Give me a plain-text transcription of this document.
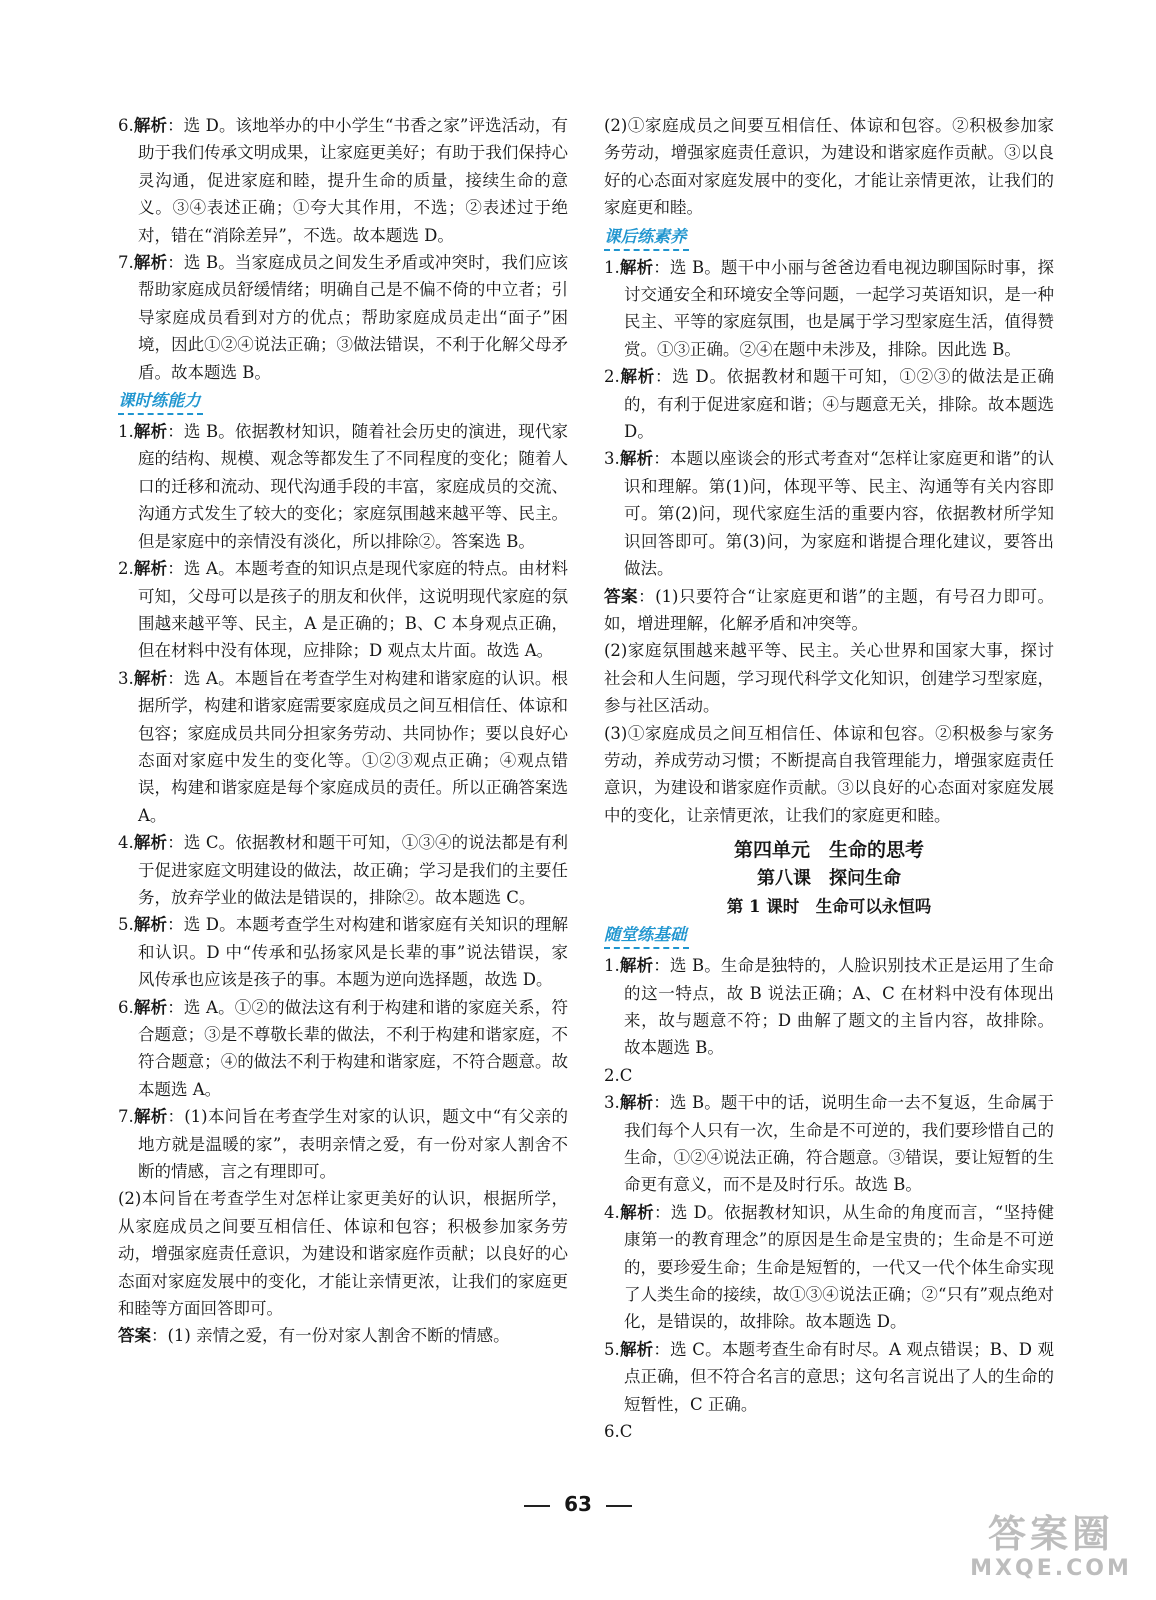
6.解析：选 D。该地举办的中小学生“书香之家”评选活动，有助于我们传承文明成果，让家庭更美好；有助于我们保持心灵沟通，促进家庭和睦，提升生命的质量，接续生命的意义。③④表述正确；①夸大其作用，不选；②表述过于绝对，错在“消除差异”，不选。故本题选 D。

7.解析：选 B。当家庭成员之间发生矛盾或冲突时，我们应该帮助家庭成员舒缓情绪；明确自己是不偏不倚的中立者；引导家庭成员看到对方的优点；帮助家庭成员走出“面子”困境，因此①②④说法正确；③做法错误，不利于化解父母矛盾。故本题选 B。

课时练能力

1.解析：选 B。依据教材知识，随着社会历史的演进，现代家庭的结构、规模、观念等都发生了不同程度的变化；随着人口的迁移和流动、现代沟通手段的丰富，家庭成员的交流、沟通方式发生了较大的变化；家庭氛围越来越平等、民主。但是家庭中的亲情没有淡化，所以排除②。答案选 B。

2.解析：选 A。本题考查的知识点是现代家庭的特点。由材料可知，父母可以是孩子的朋友和伙伴，这说明现代家庭的氛围越来越平等、民主，A 是正确的；B、C 本身观点正确，但在材料中没有体现，应排除；D 观点太片面。故选 A。

3.解析：选 A。本题旨在考查学生对构建和谐家庭的认识。根据所学，构建和谐家庭需要家庭成员之间互相信任、体谅和包容；家庭成员共同分担家务劳动、共同协作；要以良好心态面对家庭中发生的变化等。①②③观点正确；④观点错误，构建和谐家庭是每个家庭成员的责任。所以正确答案选 A。

4.解析：选 C。依据教材和题干可知，①③④的说法都是有利于促进家庭文明建设的做法，故正确；学习是我们的主要任务，放弃学业的做法是错误的，排除②。故本题选 C。

5.解析：选 D。本题考查学生对构建和谐家庭有关知识的理解和认识。D 中“传承和弘扬家风是长辈的事”说法错误，家风传承也应该是孩子的事。本题为逆向选择题，故选 D。

6.解析：选 A。①②的做法这有利于构建和谐的家庭关系，符合题意；③是不尊敬长辈的做法，不利于构建和谐家庭，不符合题意；④的做法不利于构建和谐家庭，不符合题意。故本题选 A。

7.解析：(1)本问旨在考查学生对家的认识，题文中“有父亲的地方就是温暖的家”，表明亲情之爱，有一份对家人割舍不断的情感，言之有理即可。

(2)本问旨在考查学生对怎样让家更美好的认识，根据所学，从家庭成员之间要互相信任、体谅和包容；积极参加家务劳动，增强家庭责任意识，为建设和谐家庭作贡献；以良好的心态面对家庭发展中的变化，才能让亲情更浓，让我们的家庭更和睦等方面回答即可。

答案：(1) 亲情之爱，有一份对家人割舍不断的情感。

(2)①家庭成员之间要互相信任、体谅和包容。②积极参加家务劳动，增强家庭责任意识，为建设和谐家庭作贡献。③以良好的心态面对家庭发展中的变化，才能让亲情更浓，让我们的家庭更和睦。

课后练素养

1.解析：选 B。题干中小丽与爸爸边看电视边聊国际时事，探讨交通安全和环境安全等问题，一起学习英语知识，是一种民主、平等的家庭氛围，也是属于学习型家庭生活，值得赞赏。①③正确。②④在题中未涉及，排除。因此选 B。

2.解析：选 D。依据教材和题干可知，①②③的做法是正确的，有利于促进家庭和谐；④与题意无关，排除。故本题选 D。

3.解析：本题以座谈会的形式考查对“怎样让家庭更和谐”的认识和理解。第(1)问，体现平等、民主、沟通等有关内容即可。第(2)问，现代家庭生活的重要内容，依据教材所学知识回答即可。第(3)问，为家庭和谐提合理化建议，要答出做法。

答案：(1)只要符合“让家庭更和谐”的主题，有号召力即可。如，增进理解，化解矛盾和冲突等。

(2)家庭氛围越来越平等、民主。关心世界和国家大事，探讨社会和人生问题，学习现代科学文化知识，创建学习型家庭，参与社区活动。

(3)①家庭成员之间互相信任、体谅和包容。②积极参与家务劳动，养成劳动习惯；不断提高自我管理能力，增强家庭责任意识，为建设和谐家庭作贡献。③以良好的心态面对家庭发展中的变化，让亲情更浓，让我们的家庭更和睦。

第四单元　生命的思考
第八课　探问生命
第 1 课时　生命可以永恒吗
随堂练基础

1.解析：选 B。生命是独特的，人脸识别技术正是运用了生命的这一特点，故 B 说法正确；A、C 在材料中没有体现出来，故与题意不符；D 曲解了题文的主旨内容，故排除。故本题选 B。

2.C

3.解析：选 B。题干中的话，说明生命一去不复返，生命属于我们每个人只有一次，生命是不可逆的，我们要珍惜自己的生命，①②④说法正确，符合题意。③错误，要让短暂的生命更有意义，而不是及时行乐。故选 B。

4.解析：选 D。依据教材知识，从生命的角度而言，“坚持健康第一的教育理念”的原因是生命是宝贵的；生命是不可逆的，要珍爱生命；生命是短暂的，一代又一代个体生命实现了人类生命的接续，故①③④说法正确；②“只有”观点绝对化，是错误的，故排除。故本题选 D。

5.解析：选 C。本题考查生命有时尽。A 观点错误；B、D 观点正确，但不符合名言的意思；这句名言说出了人的生命的短暂性，C 正确。

6.C

63
答案圈
MXQE.COM
